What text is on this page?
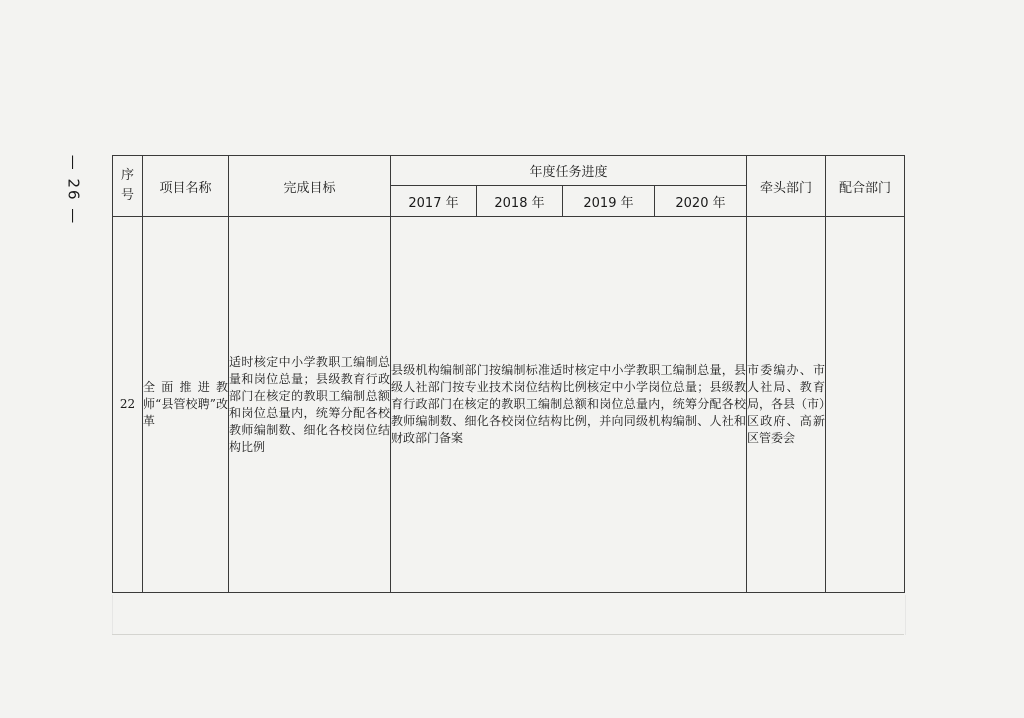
— 26 —	序号	项目名称	完成目标	年度任务进度				牵头部门	配合部门
			2017 年	2018 年	2019 年	2020 年		
22	全面推进教师“县管校聘”改革	适时核定中小学教职工编制总量和岗位总量；县级教育行政部门在核定的教职工编制总额和岗位总量内，统筹分配各校教师编制数、细化各校岗位结构比例	县级机构编制部门按编制标准适时核定中小学教职工编制总量，县级人社部门按专业技术岗位结构比例核定中小学岗位总量；县级教育行政部门在核定的教职工编制总额和岗位总量内，统筹分配各校教师编制数、细化各校岗位结构比例，并向同级机构编制、人社和财政部门备案				市委编办、市人社局、教育局，各县（市）区政府、高新区管委会	
